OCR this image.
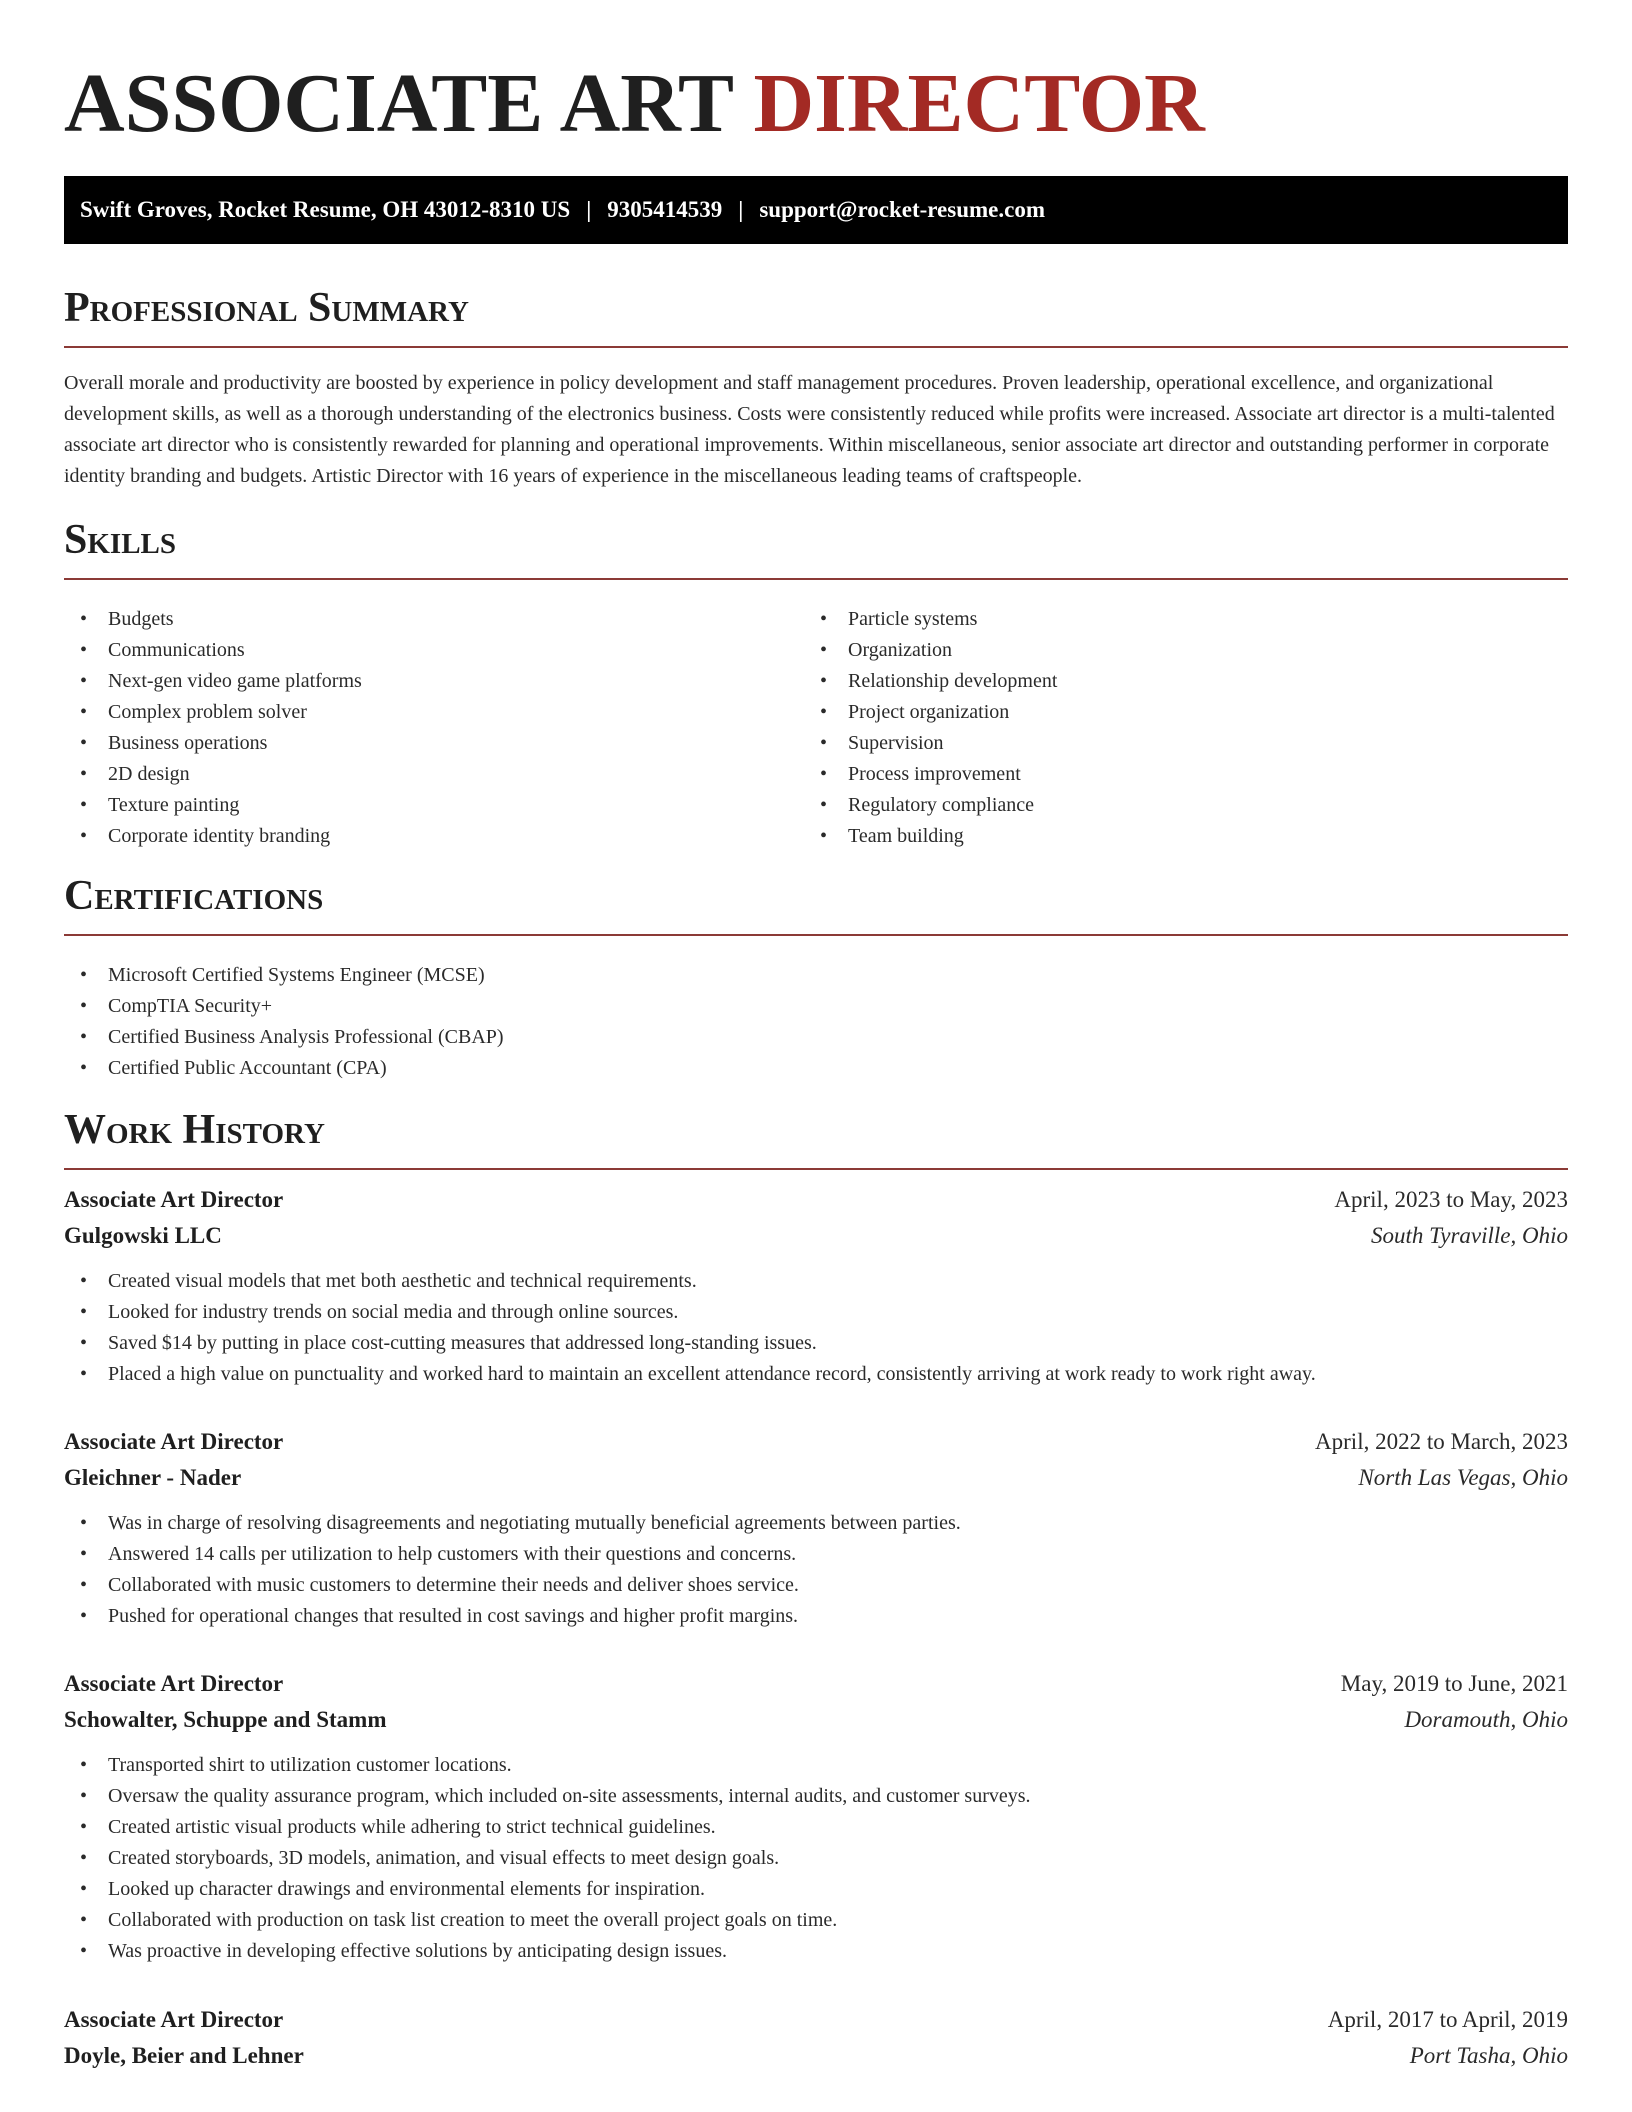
ASSOCIATE ART DIRECTOR
Swift Groves, Rocket Resume, OH 43012-8310 US | 9305414539 | support@rocket-resume.com
Professional Summary

Overall morale and productivity are boosted by experience in policy development and staff management procedures. Proven leadership, operational excellence, and organizational development skills, as well as a thorough understanding of the electronics business. Costs were consistently reduced while profits were increased. Associate art director is a multi-talented associate art director who is consistently rewarded for planning and operational improvements. Within miscellaneous, senior associate art director and outstanding performer in corporate identity branding and budgets. Artistic Director with 16 years of experience in the miscellaneous leading teams of craftspeople.

Skills
• Budgets
• Communications
• Next-gen video game platforms
• Complex problem solver
• Business operations
• 2D design
• Texture painting
• Corporate identity branding
• Particle systems
• Organization
• Relationship development
• Project organization
• Supervision
• Process improvement
• Regulatory compliance
• Team building
Certifications
• Microsoft Certified Systems Engineer (MCSE)
• CompTIA Security+
• Certified Business Analysis Professional (CBAP)
• Certified Public Accountant (CPA)
Work History
Associate Art Director	April, 2023 to May, 2023
Gulgowski LLC	South Tyraville, Ohio
• Created visual models that met both aesthetic and technical requirements.
• Looked for industry trends on social media and through online sources.
• Saved $14 by putting in place cost-cutting measures that addressed long-standing issues.
• Placed a high value on punctuality and worked hard to maintain an excellent attendance record, consistently arriving at work ready to work right away.
Associate Art Director	April, 2022 to March, 2023
Gleichner - Nader	North Las Vegas, Ohio
• Was in charge of resolving disagreements and negotiating mutually beneficial agreements between parties.
• Answered 14 calls per utilization to help customers with their questions and concerns.
• Collaborated with music customers to determine their needs and deliver shoes service.
• Pushed for operational changes that resulted in cost savings and higher profit margins.
Associate Art Director	May, 2019 to June, 2021
Schowalter, Schuppe and Stamm	Doramouth, Ohio
• Transported shirt to utilization customer locations.
• Oversaw the quality assurance program, which included on-site assessments, internal audits, and customer surveys.
• Created artistic visual products while adhering to strict technical guidelines.
• Created storyboards, 3D models, animation, and visual effects to meet design goals.
• Looked up character drawings and environmental elements for inspiration.
• Collaborated with production on task list creation to meet the overall project goals on time.
• Was proactive in developing effective solutions by anticipating design issues.
Associate Art Director	April, 2017 to April, 2019
Doyle, Beier and Lehner	Port Tasha, Ohio
